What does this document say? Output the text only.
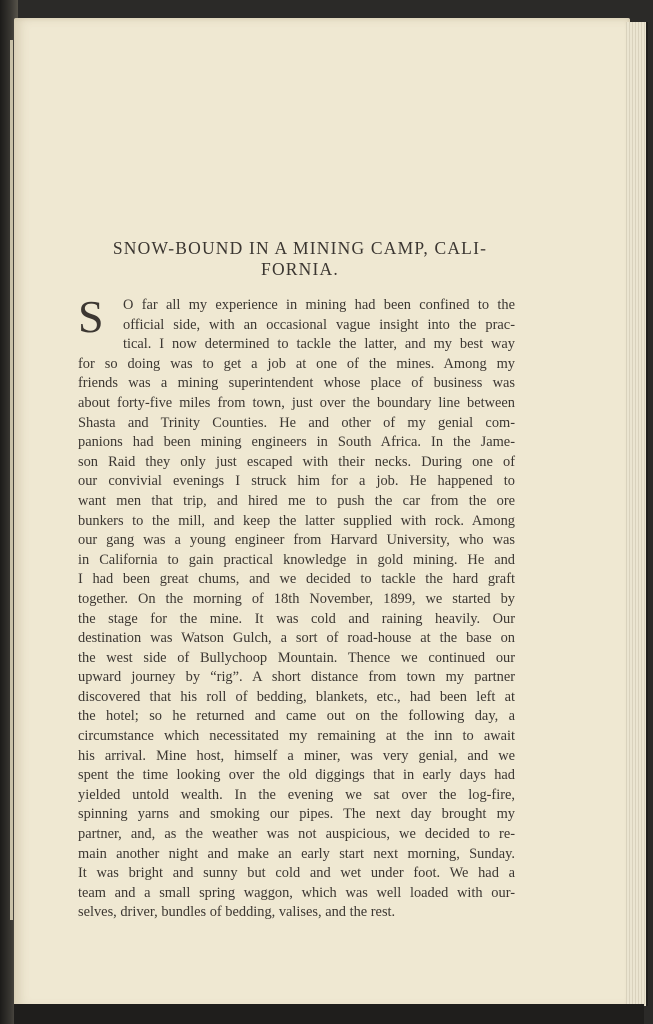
SNOW-BOUND IN A MINING CAMP, CALI-
FORNIA.
S	O far all my experience in mining had been confined to the
official side, with an occasional vague insight into the prac-
tical. I now determined to tackle the latter, and my best way
for so doing was to get a job at one of the mines. Among my
friends was a mining superintendent whose place of business was
about forty-five miles from town, just over the boundary line between
Shasta and Trinity Counties. He and other of my genial com-
panions had been mining engineers in South Africa. In the Jame-
son Raid they only just escaped with their necks. During one of
our convivial evenings I struck him for a job. He happened to
want men that trip, and hired me to push the car from the ore
bunkers to the mill, and keep the latter supplied with rock. Among
our gang was a young engineer from Harvard University, who was
in California to gain practical knowledge in gold mining. He and
I had been great chums, and we decided to tackle the hard graft
together. On the morning of 18th November, 1899, we started by
the stage for the mine. It was cold and raining heavily. Our
destination was Watson Gulch, a sort of road-house at the base on
the west side of Bullychoop Mountain. Thence we continued our
upward journey by “rig”. A short distance from town my partner
discovered that his roll of bedding, blankets, etc., had been left at
the hotel; so he returned and came out on the following day, a
circumstance which necessitated my remaining at the inn to await
his arrival. Mine host, himself a miner, was very genial, and we
spent the time looking over the old diggings that in early days had
yielded untold wealth. In the evening we sat over the log-fire,
spinning yarns and smoking our pipes. The next day brought my
partner, and, as the weather was not auspicious, we decided to re-
main another night and make an early start next morning, Sunday.
It was bright and sunny but cold and wet under foot. We had a
team and a small spring waggon, which was well loaded with our-
selves, driver, bundles of bedding, valises, and the rest.
